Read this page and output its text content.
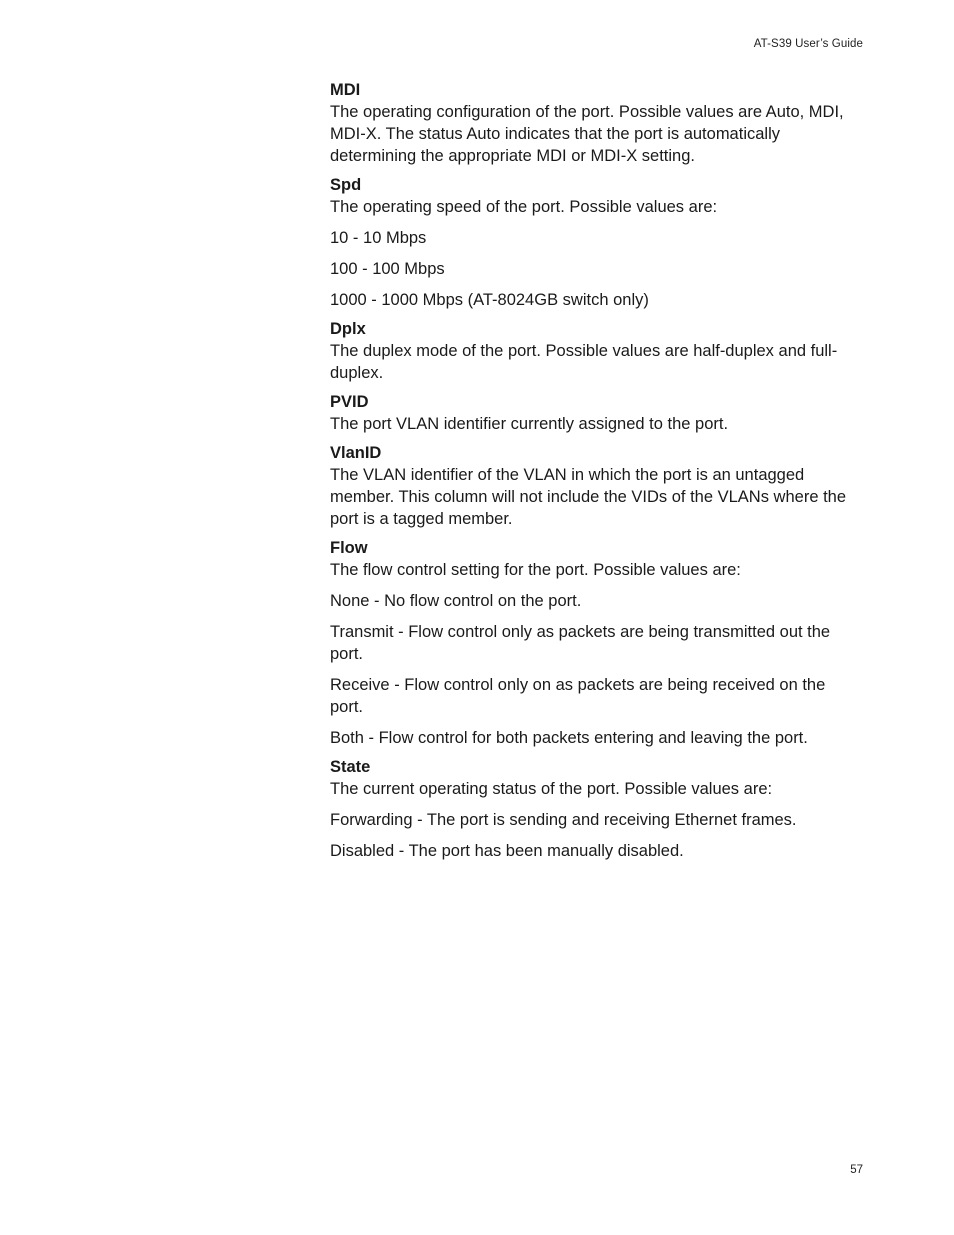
AT-S39 User’s Guide

MDI

The operating configuration of the port. Possible values are Auto, MDI, MDI-X. The status Auto indicates that the port is automatically determining the appropriate MDI or MDI-X setting.

Spd

The operating speed of the port. Possible values are:

10 - 10 Mbps

100 - 100 Mbps

1000 - 1000 Mbps (AT-8024GB switch only)

Dplx

The duplex mode of the port. Possible values are half-duplex and full-duplex.

PVID

The port VLAN identifier currently assigned to the port.

VlanID

The VLAN identifier of the VLAN in which the port is an untagged member. This column will not include the VIDs of the VLANs where the port is a tagged member.

Flow

The flow control setting for the port. Possible values are:

None - No flow control on the port.

Transmit - Flow control only as packets are being transmitted out the port.

Receive - Flow control only on as packets are being received on the port.

Both - Flow control for both packets entering and leaving the port.

State

The current operating status of the port. Possible values are:

Forwarding - The port is sending and receiving Ethernet frames.

Disabled - The port has been manually disabled.

57
